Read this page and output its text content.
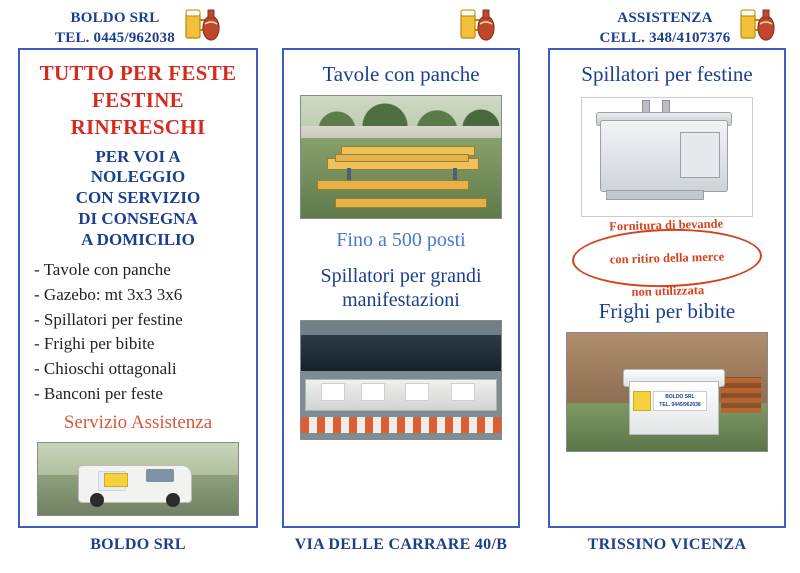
BOLDO SRL
TEL. 0445/962038
ASSISTENZA
CELL. 348/4107376
TUTTO PER FESTE
FESTINE
RINFRESCHI
PER VOI A
NOLEGGIO
CON SERVIZIO
DI CONSEGNA
A DOMICILIO
- Tavole con panche
- Gazebo: mt 3x3 3x6
- Spillatori per festine
- Frighi per bibite
- Chioschi ottagonali
- Banconi per feste
Servizio Assistenza
Tavole con panche
Fino a 500 posti
Spillatori per grandi
manifestazioni
Spillatori per festine
Fornitura di bevande

con ritiro della merce

non utilizzata
Frighi per bibite
BOLDO SRL
TEL. 0445/962038
BOLDO SRL	VIA DELLE CARRARE 40/B	TRISSINO VICENZA
